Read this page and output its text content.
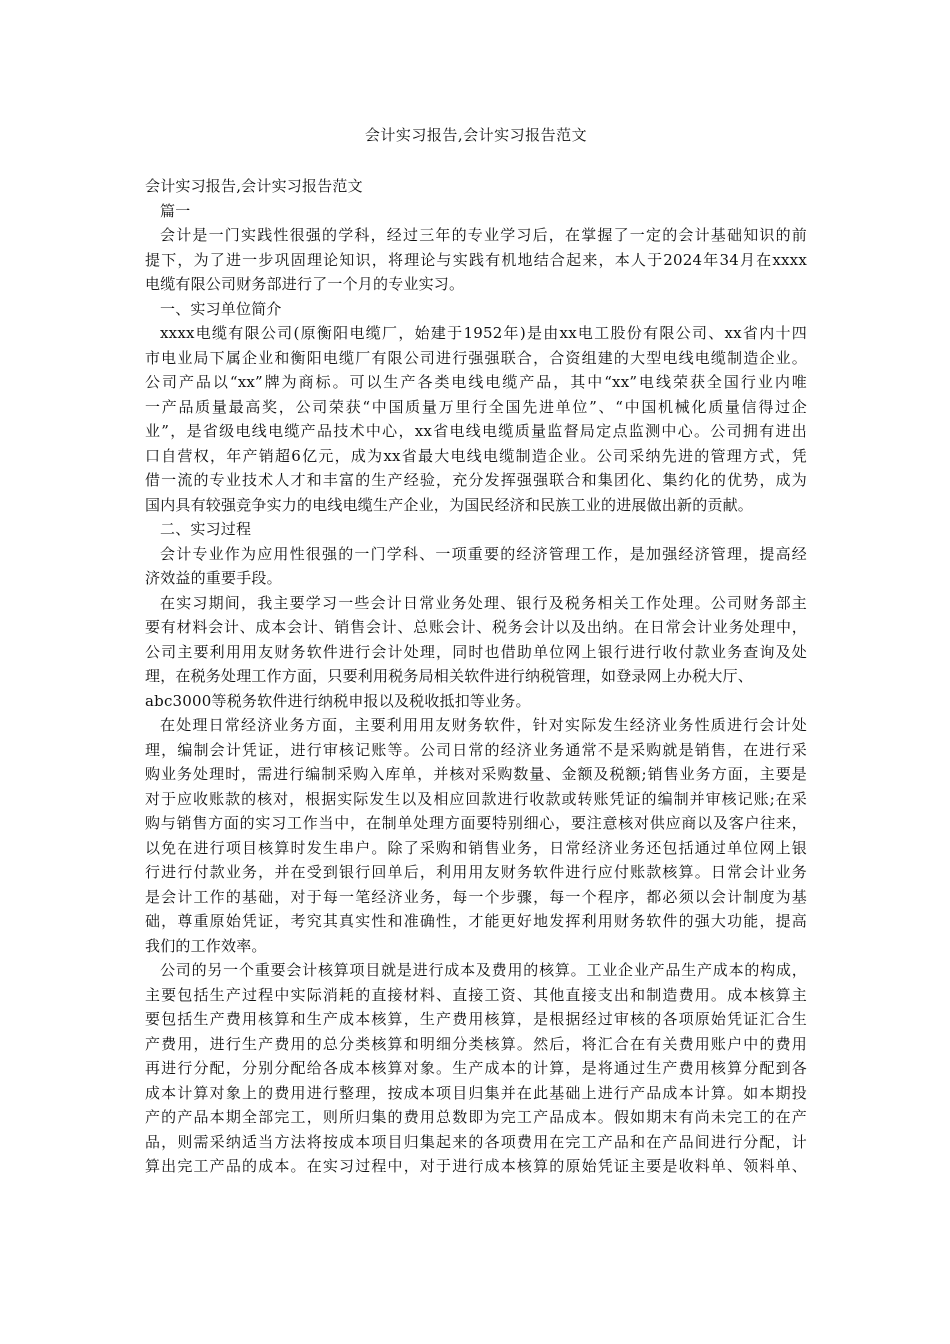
会计实习报告,会计实习报告范文
会计实习报告,会计实习报告范文
篇一
会计是一门实践性很强的学科，经过三年的专业学习后，在掌握了一定的会计基础知识的前
提下，为了进一步巩固理论知识，将理论与实践有机地结合起来，本人于2024年34月在xxxx
电缆有限公司财务部进行了一个月的专业实习。
一、实习单位简介
xxxx电缆有限公司(原衡阳电缆厂，始建于1952年)是由xx电工股份有限公司、xx省内十四
市电业局下属企业和衡阳电缆厂有限公司进行强强联合，合资组建的大型电线电缆制造企业。
公司产品以“xx”牌为商标。可以生产各类电线电缆产品，其中“xx”电线荣获全国行业内唯
一产品质量最高奖，公司荣获“中国质量万里行全国先进单位”、“中国机械化质量信得过企
业”，是省级电线电缆产品技术中心，xx省电线电缆质量监督局定点监测中心。公司拥有进出
口自营权，年产销超6亿元，成为xx省最大电线电缆制造企业。公司采纳先进的管理方式，凭
借一流的专业技术人才和丰富的生产经验，充分发挥强强联合和集团化、集约化的优势，成为
国内具有较强竞争实力的电线电缆生产企业，为国民经济和民族工业的进展做出新的贡献。
二、实习过程
会计专业作为应用性很强的一门学科、一项重要的经济管理工作，是加强经济管理，提高经
济效益的重要手段。
在实习期间，我主要学习一些会计日常业务处理、银行及税务相关工作处理。公司财务部主
要有材料会计、成本会计、销售会计、总账会计、税务会计以及出纳。在日常会计业务处理中，
公司主要利用用友财务软件进行会计处理，同时也借助单位网上银行进行收付款业务查询及处
理，在税务处理工作方面，只要利用税务局相关软件进行纳税管理，如登录网上办税大厅、
abc3000等税务软件进行纳税申报以及税收抵扣等业务。
在处理日常经济业务方面，主要利用用友财务软件，针对实际发生经济业务性质进行会计处
理，编制会计凭证，进行审核记账等。公司日常的经济业务通常不是采购就是销售，在进行采
购业务处理时，需进行编制采购入库单，并核对采购数量、金额及税额;销售业务方面，主要是
对于应收账款的核对，根据实际发生以及相应回款进行收款或转账凭证的编制并审核记账;在采
购与销售方面的实习工作当中，在制单处理方面要特别细心，要注意核对供应商以及客户往来，
以免在进行项目核算时发生串户。除了采购和销售业务，日常经济业务还包括通过单位网上银
行进行付款业务，并在受到银行回单后，利用用友财务软件进行应付账款核算。日常会计业务
是会计工作的基础，对于每一笔经济业务，每一个步骤，每一个程序，都必须以会计制度为基
础，尊重原始凭证，考究其真实性和准确性，才能更好地发挥利用财务软件的强大功能，提高
我们的工作效率。
公司的另一个重要会计核算项目就是进行成本及费用的核算。工业企业产品生产成本的构成，
主要包括生产过程中实际消耗的直接材料、直接工资、其他直接支出和制造费用。成本核算主
要包括生产费用核算和生产成本核算，生产费用核算，是根据经过审核的各项原始凭证汇合生
产费用，进行生产费用的总分类核算和明细分类核算。然后，将汇合在有关费用账户中的费用
再进行分配，分别分配给各成本核算对象。生产成本的计算，是将通过生产费用核算分配到各
成本计算对象上的费用进行整理，按成本项目归集并在此基础上进行产品成本计算。如本期投
产的产品本期全部完工，则所归集的费用总数即为完工产品成本。假如期末有尚未完工的在产
品，则需采纳适当方法将按成本项目归集起来的各项费用在完工产品和在产品间进行分配，计
算出完工产品的成本。在实习过程中，对于进行成本核算的原始凭证主要是收料单、领料单、
